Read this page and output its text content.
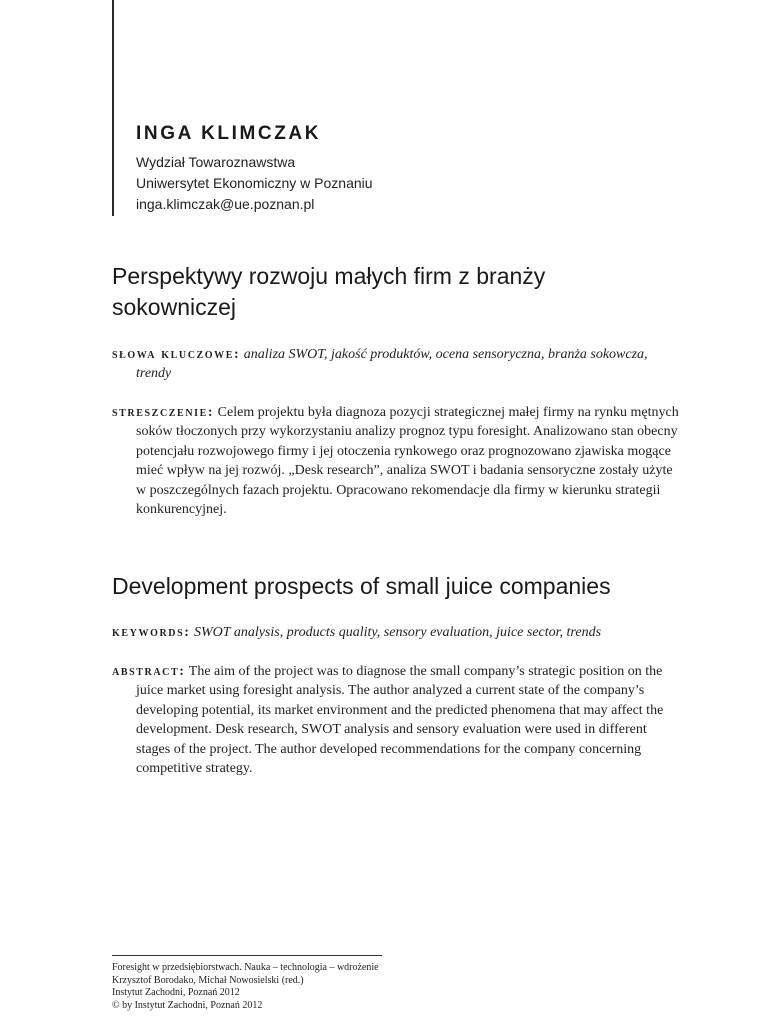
INGA KLIMCZAK
Wydział Towaroznawstwa
Uniwersytet Ekonomiczny w Poznaniu
inga.klimczak@ue.poznan.pl
Perspektywy rozwoju małych firm z branży sokowniczej

słowa kluczowe: analiza SWOT, jakość produktów, ocena sensoryczna, branża sokowcza, trendy

streszczenie: Celem projektu była diagnoza pozycji strategicznej małej firmy na rynku mętnych soków tłoczonych przy wykorzystaniu analizy prognoz typu foresight. Analizowano stan obecny potencjału rozwojowego firmy i jej otoczenia rynkowego oraz prognozowano zjawiska mogące mieć wpływ na jej rozwój. „Desk research”, analiza SWOT i badania sensoryczne zostały użyte w poszczególnych fazach projektu. Opracowano rekomendacje dla firmy w kierunku strategii konkurencyjnej.

Development prospects of small juice companies

keywords: SWOT analysis, products quality, sensory evaluation, juice sector, trends

abstract: The aim of the project was to diagnose the small company’s strategic position on the juice market using foresight analysis. The author analyzed a current state of the company’s developing potential, its market environment and the predicted phenomena that may affect the development. Desk research, SWOT analysis and sensory evaluation were used in different stages of the project. The author developed recommendations for the company concerning competitive strategy.

Foresight w przedsiębiorstwach. Nauka – technologia – wdrożenie
Krzysztof Borodako, Michał Nowosielski (red.)
Instytut Zachodni, Poznań 2012
© by Instytut Zachodni, Poznań 2012
